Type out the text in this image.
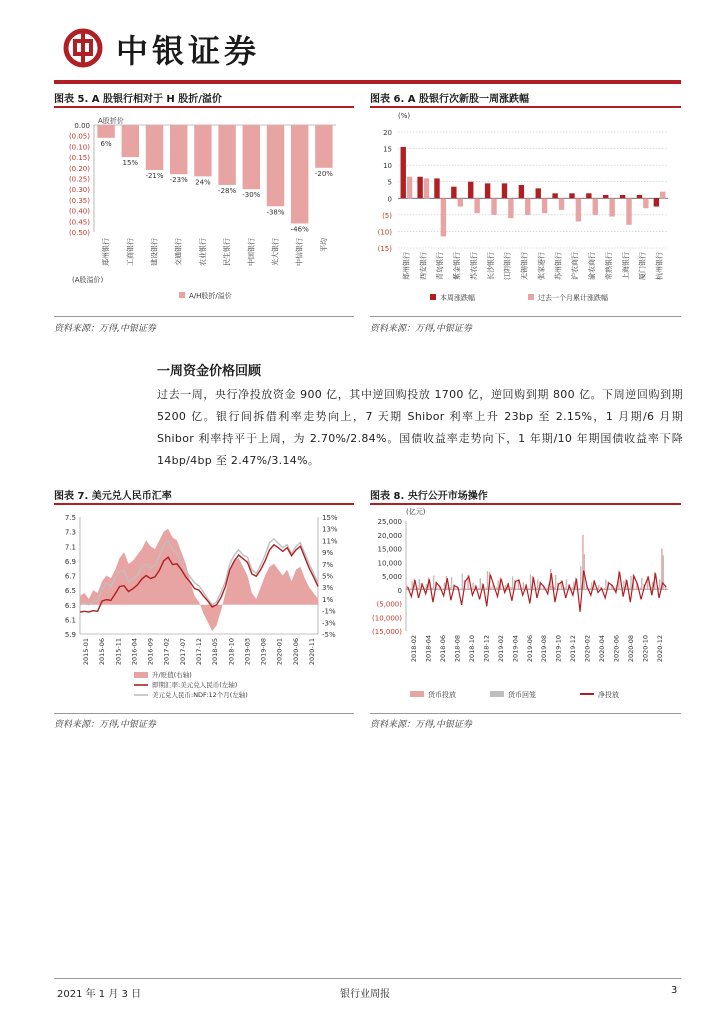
中银证券
图表 5. A 股银行相对于 H 股折/溢价
0.00
(0.05)
(0.10)
(0.15)
(0.20)
(0.25)
(0.30)
(0.35)
(0.40)
(0.45)
(0.50)
A股折价
6%
郑州银行
15%
工商银行
-21%
建设银行
-23%
交通银行
24%
农业银行
-28%
民生银行
-30%
中国银行
-38%
光大银行
-46%
中信银行
-20%
平均
(A股溢价)
A/H股折/溢价
资料来源：万得,中银证券
图表 6. A 股银行次新股一周涨跌幅
(%)
20
15
10
5
0
(5)
(10)
(15)
郑州银行 西安银行 青岛银行 紫金银行 苏农银行 长沙银行 江阴银行 无锡银行 张家港行 苏州银行 沪农商行 渝农商行 常熟银行 上海银行 厦门银行 杭州银行
本周涨跌幅	过去一个月累计涨跌幅
资料来源：万得,中银证券
一周资金价格回顾
过去一周，央行净投放资金 900 亿，其中逆回购投放 1700 亿，逆回购到期 800 亿。下周逆回购到期 5200 亿。银行间拆借利率走势向上，7 天期 Shibor 利率上升 23bp 至 2.15%，1 月期/6 月期 Shibor 利率持平于上周，为 2.70%/2.84%。国债收益率走势向下，1 年期/10 年期国债收益率下降 14bp/4bp 至 2.47%/3.14%。
图表 7. 美元兑人民币汇率
7.5
7.3
7.1
6.9
6.7
6.5
6.3
6.1
5.9
15%
13%
11%
9%
7%
5%
3%
1%
-1%
-3%
-5%
2015-01 2015-06 2015-11 2016-04 2016-09 2017-02 2017-07 2017-12 2018-05 2018-10 2019-03 2019-08 2020-01 2020-06 2020-11
升/贬值(右轴)
即期汇率:美元兑人民币(左轴)
美元兑人民币:NDF:12个月(左轴)
资料来源：万得,中银证券
图表 8. 央行公开市场操作
(亿元)
25,000
20,000
15,000
10,000
5,000
0
(5,000)
(10,000)
(15,000)
2018-02 2018-04 2018-06 2018-08 2018-10 2018-12 2019-02 2019-04 2019-06 2019-08 2019-10 2019-12 2020-02 2020-04 2020-06 2020-08 2020-10 2020-12
货币投放	货币回笼	净投放
资料来源：万得,中银证券
2021 年 1 月 3 日	银行业周报	3
